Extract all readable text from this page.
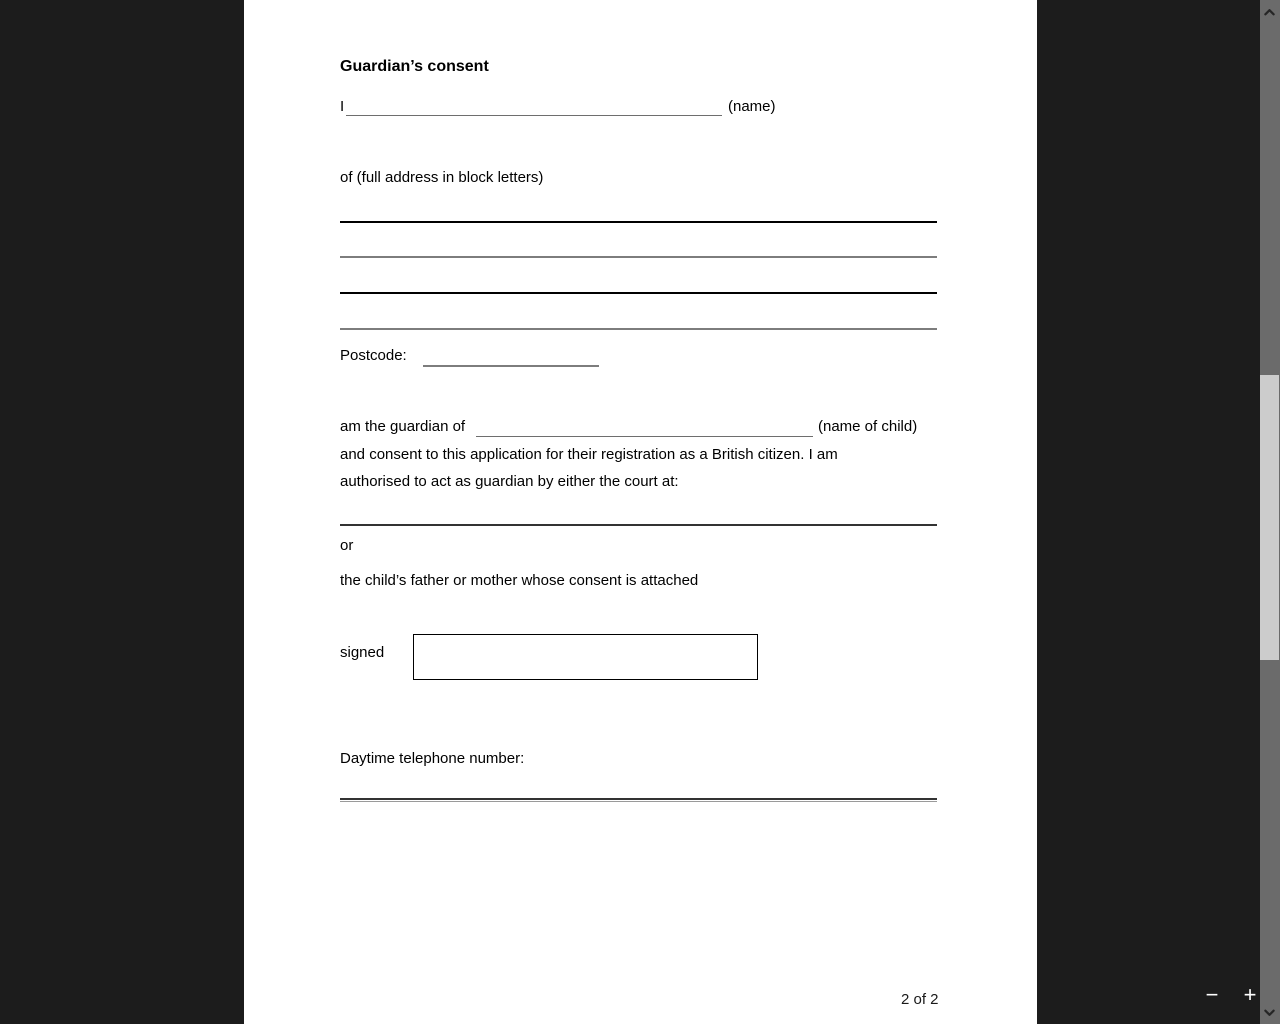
Guardian’s consent
I	(name)
of (full address in block letters)
Postcode:
am the guardian of	(name of child)
and consent to this application for their registration as a British citizen. I am
authorised to act as guardian by either the court at:
or
the child’s father or mother whose consent is attached
signed
Daytime telephone number:
2 of 2	− +
